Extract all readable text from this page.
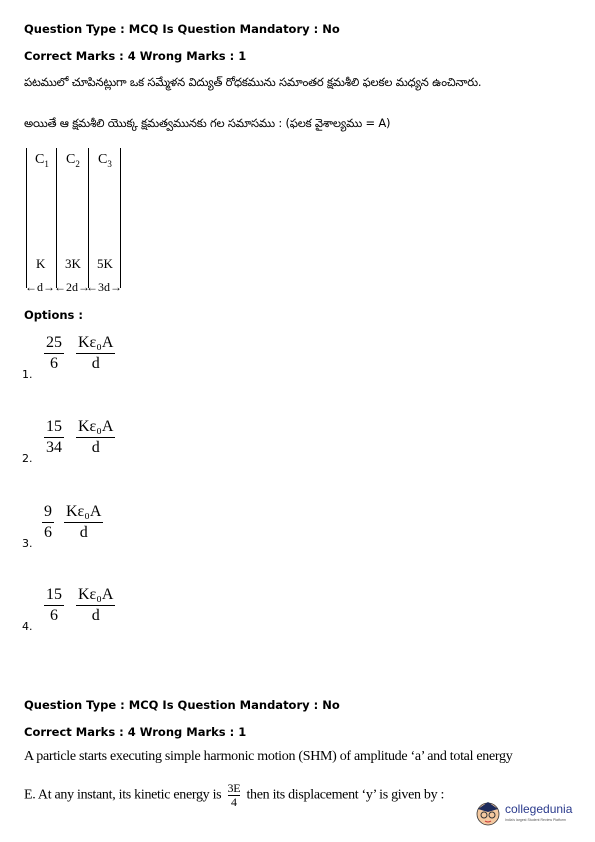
Question Type : MCQ Is Question Mandatory : No
Correct Marks : 4 Wrong Marks : 1
పటములో చూపినట్లుగా ఒక సమ్మేళన విద్యుత్ రోధకమును సమాంతర క్షమశీలి ఫలకల మధ్యన ఉంచినారు.
అయితే ఆ క్షమశీలి యొక్క క్షమత్వమునకు గల సమాసము : (ఫలక వైశాల్యము = A)
$C_1$ $C_2$ $C_3$
K 3K 5K
←d→ ←2d→
←3d→
Options :
1.
25
6
Kε₀A
d
2.
15
34
Kε₀A
d
3.
9
6
Kε₀A
d
4.
15
6
Kε₀A
d
Question Type : MCQ Is Question Mandatory : No
Correct Marks : 4 Wrong Marks : 1
A particle starts executing simple harmonic motion (SHM) of amplitude ‘a’ and total energy
E. At any instant, its kinetic energy is $\frac{3E}{4}$ then its displacement ‘y’ is given by :
collegedunia
India's largest Student Review Platform
